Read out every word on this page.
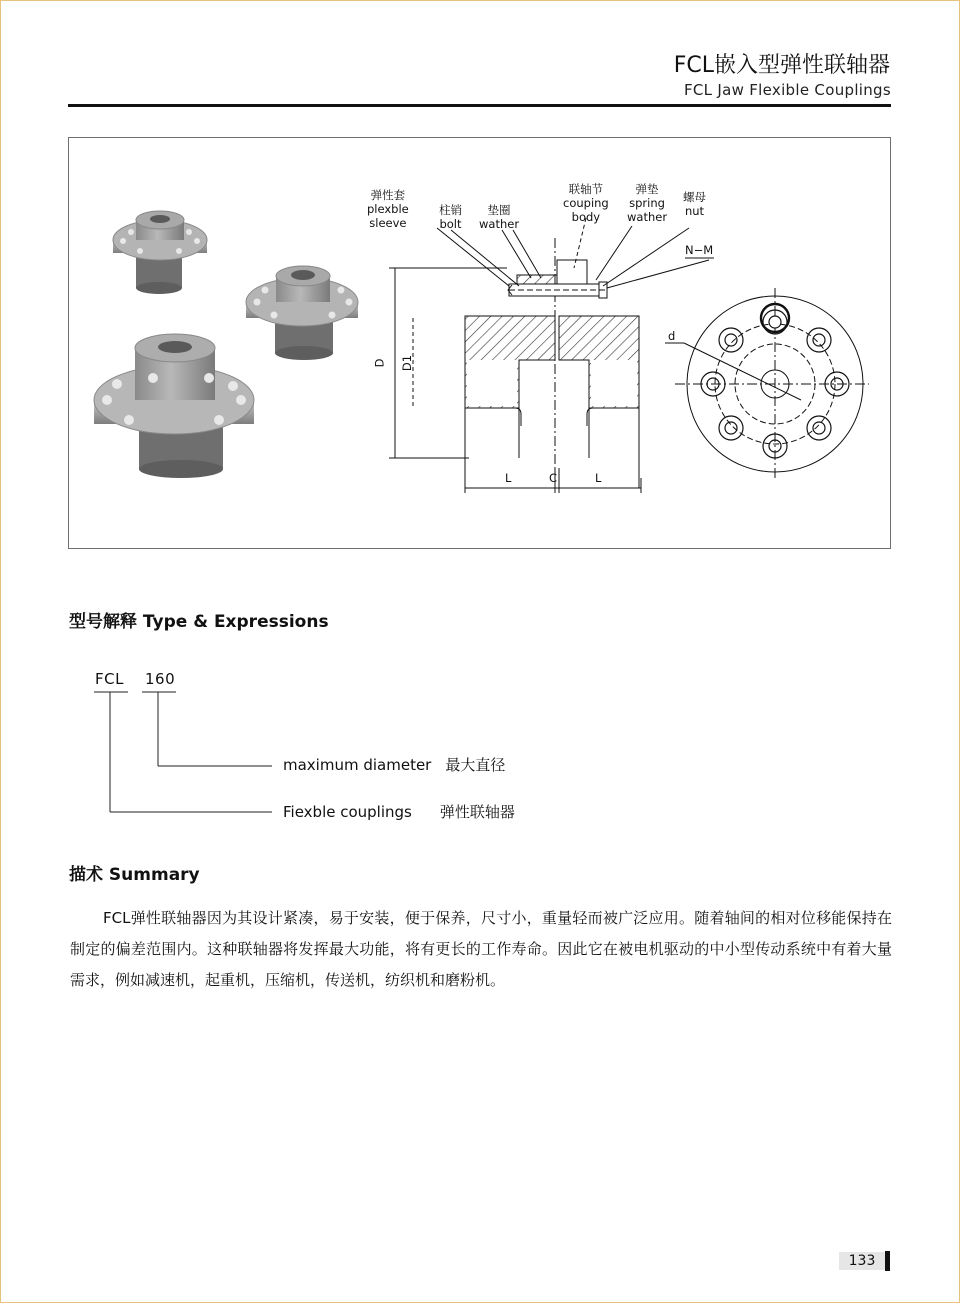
FCL嵌入型弹性联轴器
FCL Jaw Flexible Couplings
弹性套
plexble
sleeve
柱销
bolt
垫圈
wather
联轴节
couping
body
弹垫
spring
wather
螺母
nut
N−M
D D1
L	C	L
d
型号解释 Type & Expressions
FCL 160
maximum diameter 最大直径
Fiexble couplings 弹性联轴器
描术 Summary
FCL弹性联轴器因为其设计紧凑，易于安装，便于保养，尺寸小，重量轻而被广泛应用。随着轴间的相对位移能保持在制定的偏差范围内。这种联轴器将发挥最大功能，将有更长的工作寿命。因此它在被电机驱动的中小型传动系统中有着大量需求，例如减速机，起重机，压缩机，传送机，纺织机和磨粉机。
133
